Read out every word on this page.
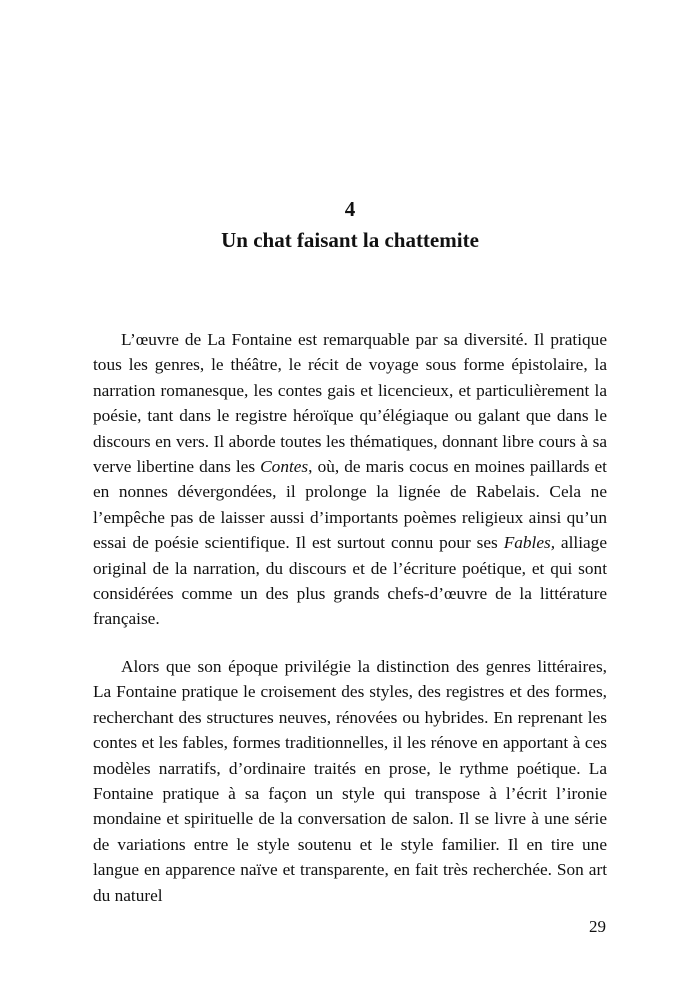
4
Un chat faisant la chattemite

L’œuvre de La Fontaine est remarquable par sa diversité. Il pratique tous les genres, le théâtre, le récit de voyage sous forme épistolaire, la narration romanesque, les contes gais et licencieux, et particulièrement la poésie, tant dans le registre héroïque qu’élégiaque ou galant que dans le discours en vers. Il aborde toutes les thématiques, donnant libre cours à sa verve libertine dans les Contes, où, de maris cocus en moines paillards et en nonnes dévergondées, il prolonge la lignée de Rabelais. Cela ne l’empêche pas de laisser aussi d’importants poèmes religieux ainsi qu’un essai de poésie scientifique. Il est surtout connu pour ses Fables, alliage original de la narration, du discours et de l’écriture poétique, et qui sont considérées comme un des plus grands chefs-d’œuvre de la littérature française.

Alors que son époque privilégie la distinction des genres littéraires, La Fontaine pratique le croisement des styles, des registres et des formes, recherchant des structures neuves, rénovées ou hybrides. En reprenant les contes et les fables, formes traditionnelles, il les rénove en apportant à ces modèles narratifs, d’ordinaire traités en prose, le rythme poétique. La Fontaine pratique à sa façon un style qui transpose à l’écrit l’ironie mondaine et spirituelle de la conversation de salon. Il se livre à une série de variations entre le style soutenu et le style familier. Il en tire une langue en apparence naïve et transparente, en fait très recherchée. Son art du naturel

29
